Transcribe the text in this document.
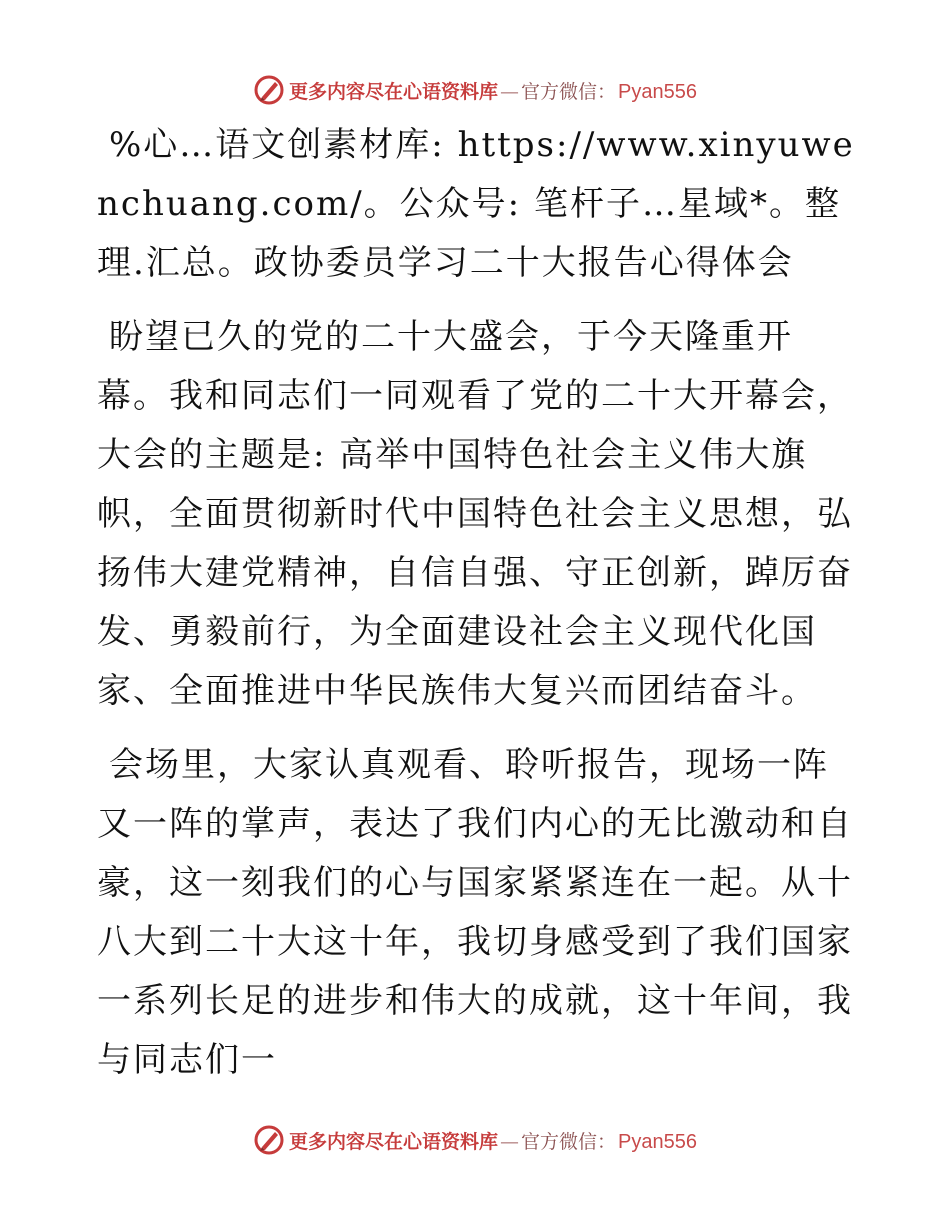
更多内容尽在心语资料库 — 官方微信： Pyan556

%心…语文创素材库: https://www.xinyuwenchuang.com/。公众号: 笔杆子…星域*。整理.汇总。政协委员学习二十大报告心得体会

盼望已久的党的二十大盛会，于今天隆重开幕。我和同志们一同观看了党的二十大开幕会，大会的主题是: 高举中国特色社会主义伟大旗帜，全面贯彻新时代中国特色社会主义思想，弘扬伟大建党精神，自信自强、守正创新，踔厉奋发、勇毅前行，为全面建设社会主义现代化国家、全面推进中华民族伟大复兴而团结奋斗。

会场里，大家认真观看、聆听报告，现场一阵又一阵的掌声，表达了我们内心的无比激动和自豪，这一刻我们的心与国家紧紧连在一起。从十八大到二十大这十年，我切身感受到了我们国家一系列长足的进步和伟大的成就，这十年间，我与同志们一

更多内容尽在心语资料库 — 官方微信： Pyan556
